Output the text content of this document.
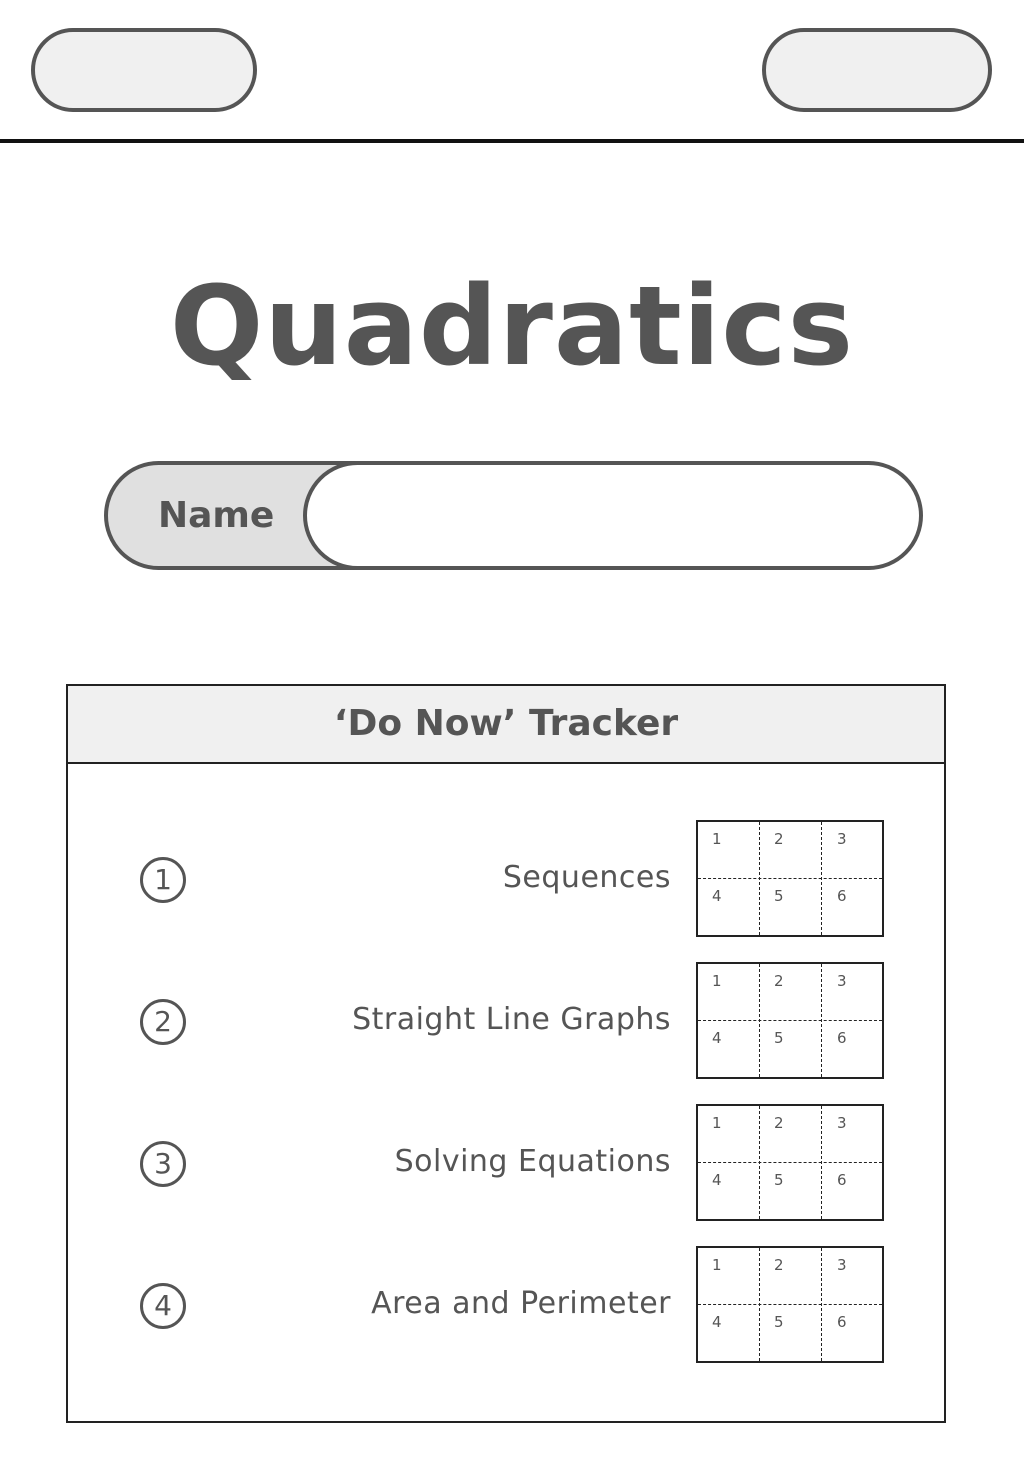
Quadratics
Name
‘Do Now’ Tracker
1	Sequences
1	2	3
4	5	6
2	Straight Line Graphs
1	2	3
4	5	6
3	Solving Equations
1	2	3
4	5	6
4	Area and Perimeter
1	2	3
4	5	6
